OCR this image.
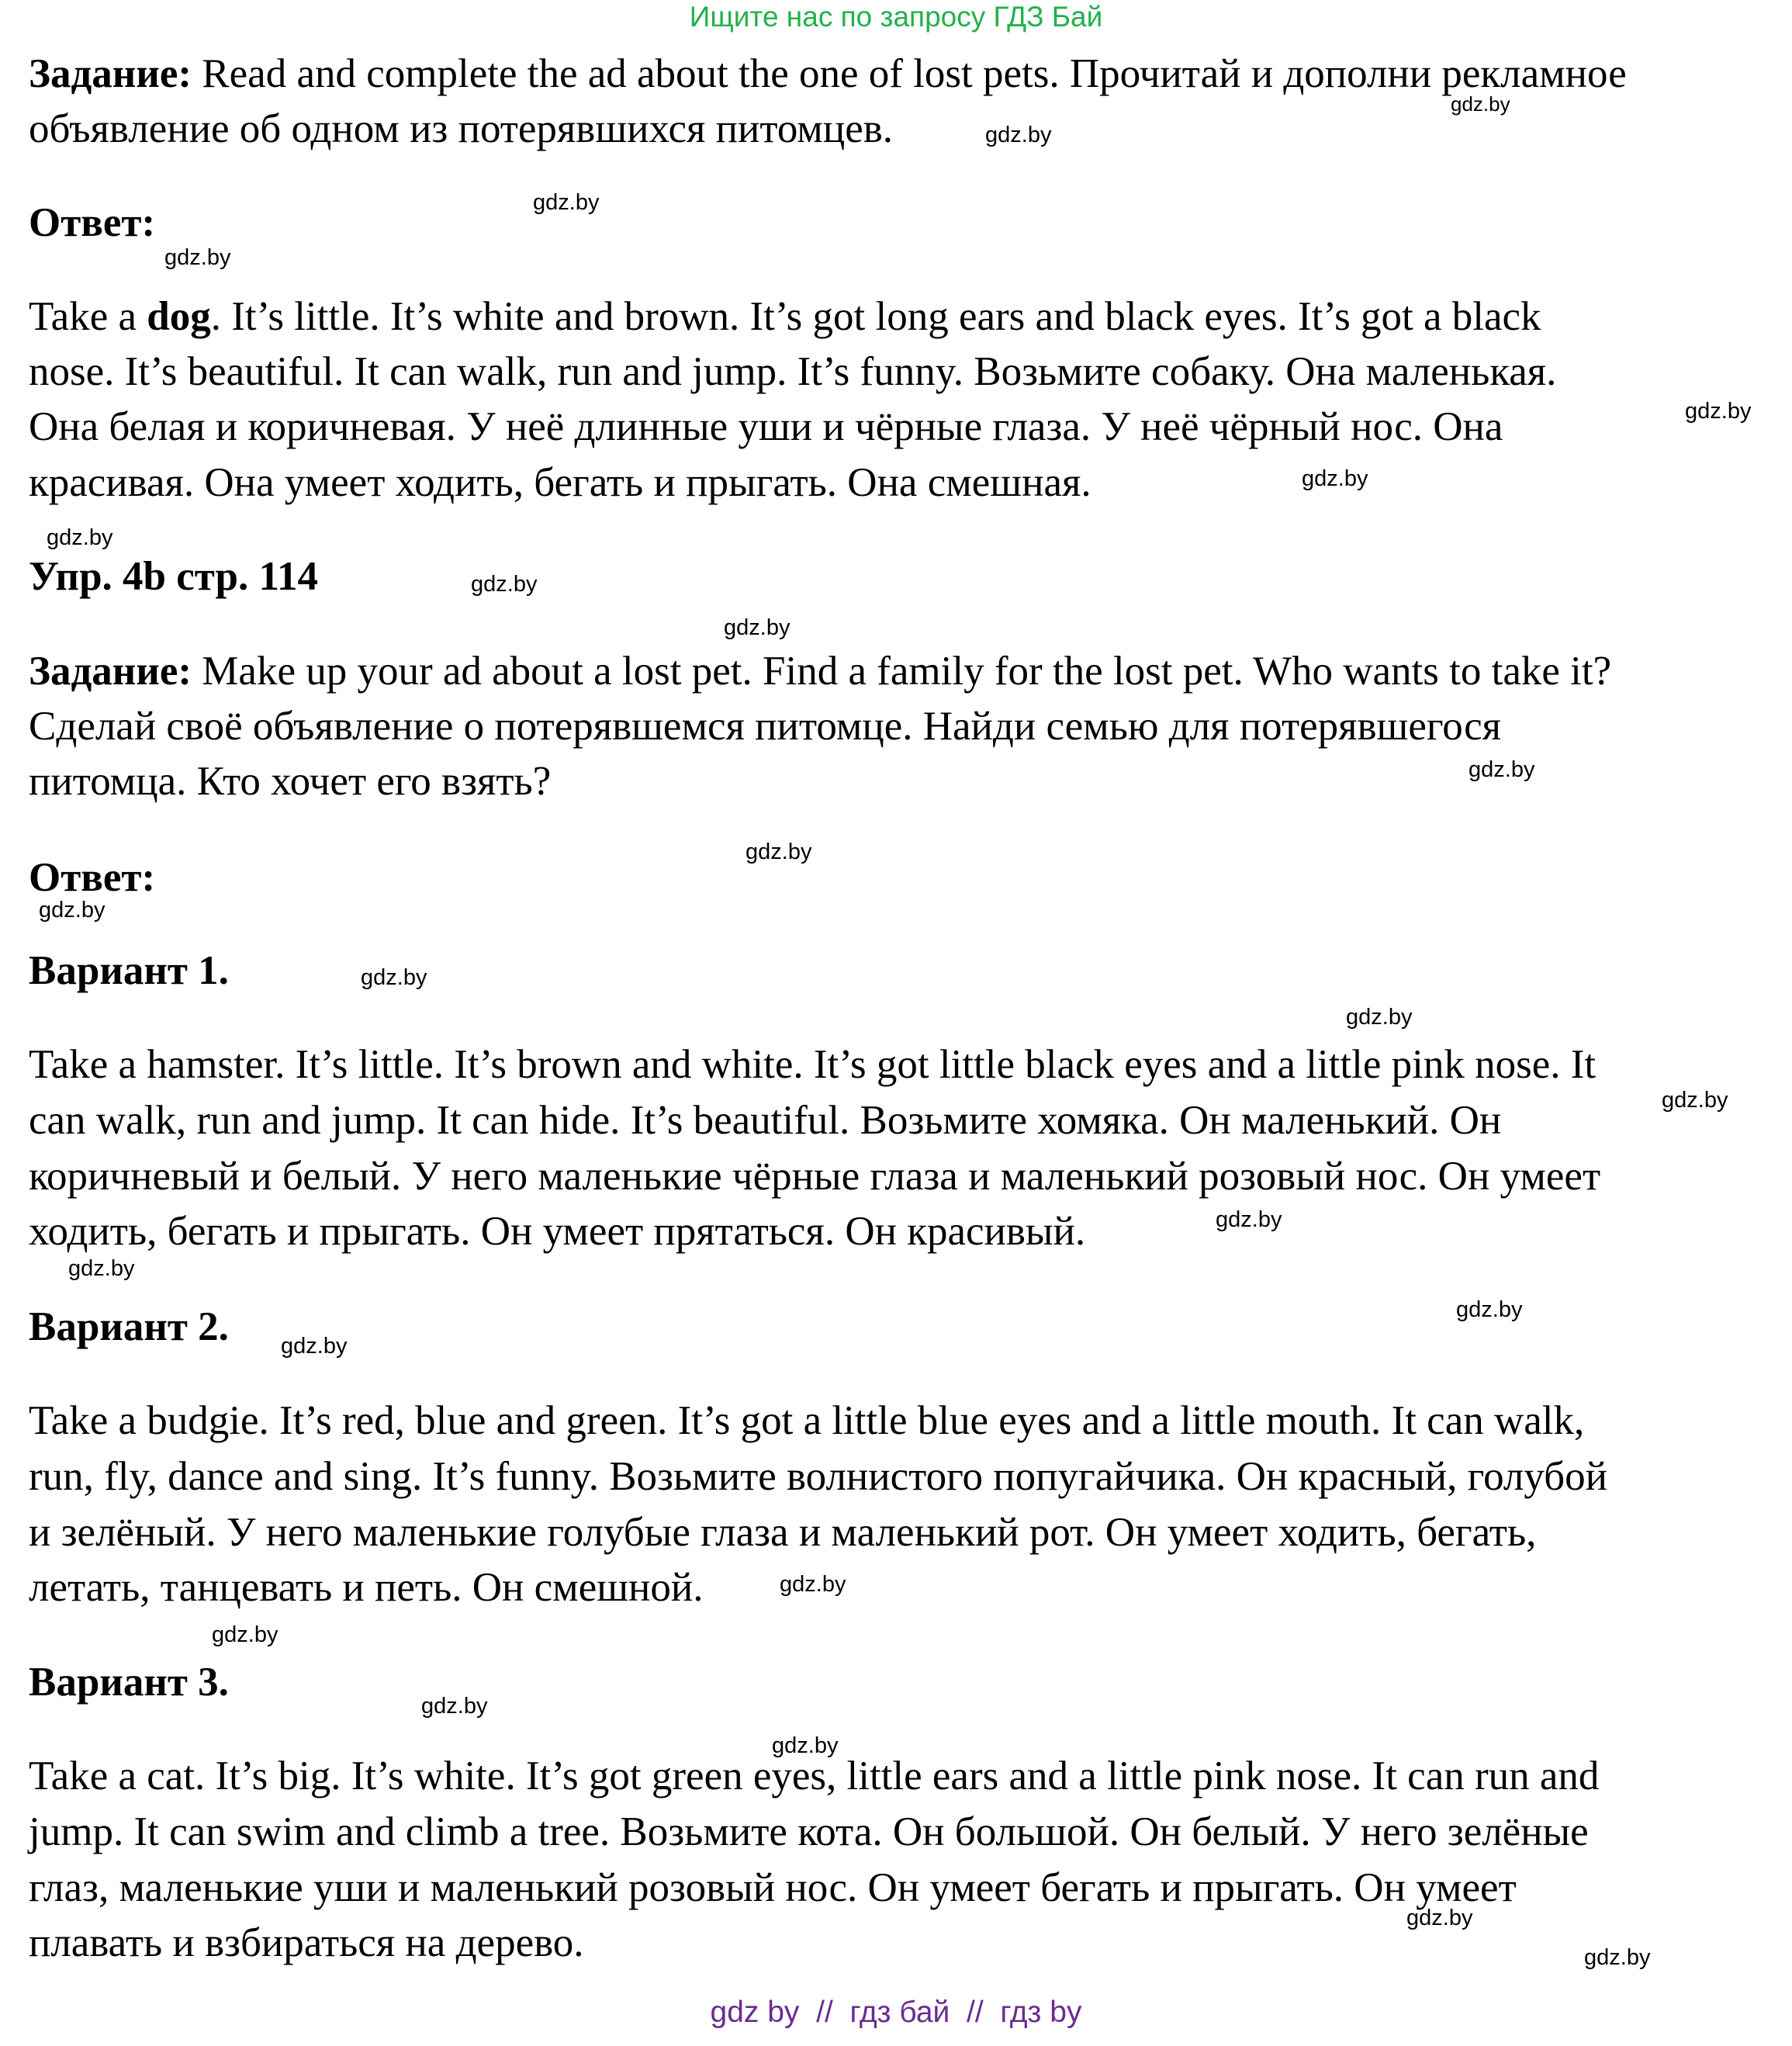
Ищите нас по запросу ГДЗ Бай
Задание: Read and complete the ad about the one of lost pets. Прочитай и дополни рекламное
объявление об одном из потерявшихся питомцев.
Ответ:
Take a dog. It’s little. It’s white and brown. It’s got long ears and black eyes. It’s got a black
nose. It’s beautiful. It can walk, run and jump. It’s funny. Возьмите собаку. Она маленькая.
Она белая и коричневая. У неё длинные уши и чёрные глаза. У неё чёрный нос. Она
красивая. Она умеет ходить, бегать и прыгать. Она смешная.
Упр. 4b стр. 114
Задание: Make up your ad about a lost pet. Find a family for the lost pet. Who wants to take it?
Сделай своё объявление о потерявшемся питомце. Найди семью для потерявшегося
питомца. Кто хочет его взять?
Ответ:
Вариант 1.
Take a hamster. It’s little. It’s brown and white. It’s got little black eyes and a little pink nose. It
can walk, run and jump. It can hide. It’s beautiful. Возьмите хомяка. Он маленький. Он
коричневый и белый. У него маленькие чёрные глаза и маленький розовый нос. Он умеет
ходить, бегать и прыгать. Он умеет прятаться. Он красивый.
Вариант 2.
Take a budgie. It’s red, blue and green. It’s got a little blue eyes and a little mouth. It can walk,
run, fly, dance and sing. It’s funny. Возьмите волнистого попугайчика. Он красный, голубой
и зелёный. У него маленькие голубые глаза и маленький рот. Он умеет ходить, бегать,
летать, танцевать и петь. Он смешной.
Вариант 3.
Take a cat. It’s big. It’s white. It’s got green eyes, little ears and a little pink nose. It can run and
jump. It can swim and climb a tree. Возьмите кота. Он большой. Он белый. У него зелёные
глаз, маленькие уши и маленький розовый нос. Он умеет бегать и прыгать. Он умеет
плавать и взбираться на дерево.
gdz.by
gdz.by
gdz.by
gdz.by
gdz.by
gdz.by
gdz.by
gdz.by
gdz.by
gdz.by
gdz.by
gdz.by
gdz.by
gdz.by
gdz.by
gdz.by
gdz.by
gdz.by
gdz.by
gdz.by
gdz.by
gdz.by
gdz.by
gdz.by
gdz.by
gdz by  //  гдз бай  //  гдз by
